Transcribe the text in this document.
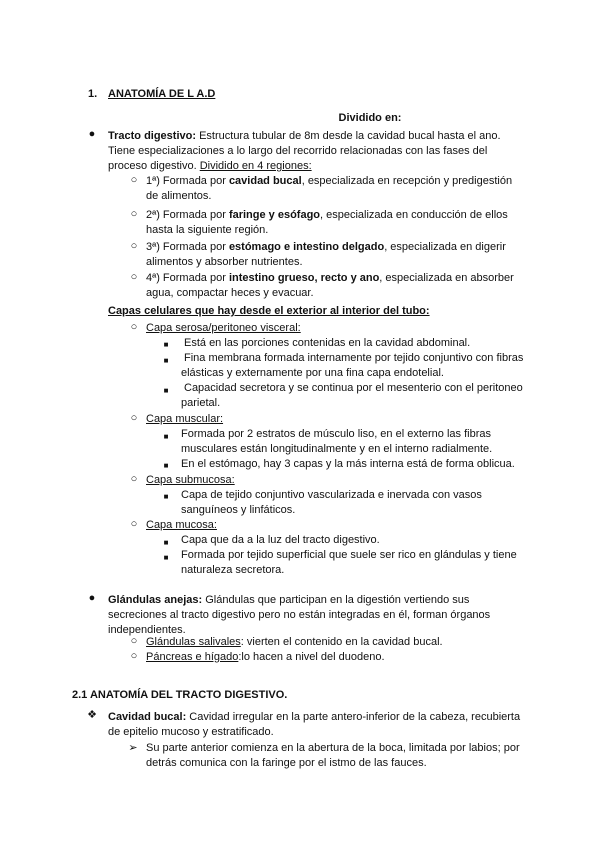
1. ANATOMÍA DE L A.D
Dividido en:
● Tracto digestivo: Estructura tubular de 8m desde la cavidad bucal hasta el ano.
Tiene especializaciones a lo largo del recorrido relacionadas con las fases del
proceso digestivo. Dividido en 4 regiones:
○ 1ª) Formada por cavidad bucal, especializada en recepción y predigestión
de alimentos.
○ 2ª) Formada por faringe y esófago, especializada en conducción de ellos
hasta la siguiente región.
○ 3ª) Formada por estómago e intestino delgado, especializada en digerir
alimentos y absorber nutrientes.
○ 4ª) Formada por intestino grueso, recto y ano, especializada en absorber
agua, compactar heces y evacuar.
Capas celulares que hay desde el exterior al interior del tubo:
○ Capa serosa/peritoneo visceral:
■	Está en las porciones contenidas en la cavidad abdominal.
■	Fina membrana formada internamente por tejido conjuntivo con fibras
elásticas y externamente por una fina capa endotelial.
■	Capacidad secretora y se continua por el mesenterio con el peritoneo
parietal.
○ Capa muscular:
■	Formada por 2 estratos de músculo liso, en el externo las fibras
musculares están longitudinalmente y en el interno radialmente.
■	En el estómago, hay 3 capas y la más interna está de forma oblicua.
○ Capa submucosa:
■	Capa de tejido conjuntivo vascularizada e inervada con vasos
sanguíneos y linfáticos.
○ Capa mucosa:
■	Capa que da a la luz del tracto digestivo.
■	Formada por tejido superficial que suele ser rico en glándulas y tiene
naturaleza secretora.
● Glándulas anejas: Glándulas que participan en la digestión vertiendo sus
secreciones al tracto digestivo pero no están integradas en él, forman órganos
independientes.
○ Glándulas salivales: vierten el contenido en la cavidad bucal.
○ Páncreas e hígado:lo hacen a nivel del duodeno.
2.1 ANATOMÍA DEL TRACTO DIGESTIVO.
❖ Cavidad bucal: Cavidad irregular en la parte antero-inferior de la cabeza, recubierta
de epitelio mucoso y estratificado.
➢ Su parte anterior comienza en la abertura de la boca, limitada por labios; por
detrás comunica con la faringe por el istmo de las fauces.
